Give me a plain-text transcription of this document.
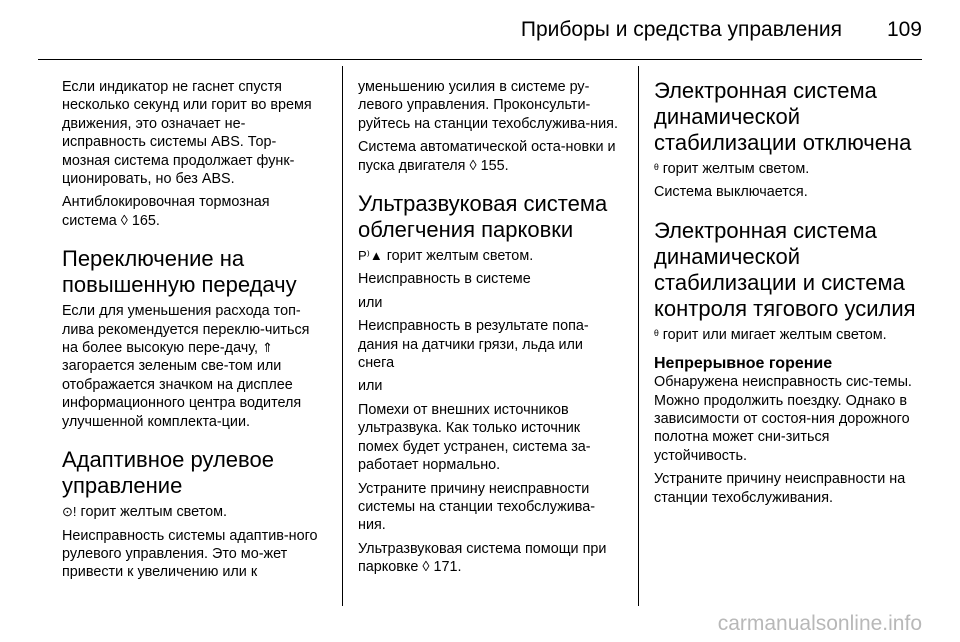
Приборы и средства управления 109

Если индикатор не гаснет спустя несколько секунд или горит во время движения, это означает не-исправность системы ABS. Тор-мозная система продолжает функ-ционировать, но без ABS.

Антиблокировочная тормозная система ◊ 165.

Переключение на повышенную передачу

Если для уменьшения расхода топ-лива рекомендуется переклю-читься на более высокую пере-дачу, ⇑загорается зеленым све-том или отображается значком на дисплее информационного центра водителя улучшенной комплекта-ции.

Адаптивное рулевое управление

⊙! горит желтым светом.

Неисправность системы адаптив-ного рулевого управления. Это мо-жет привести к увеличению или к

уменьшению усилия в системе ру-левого управления. Проконсульти-руйтесь на станции техобслужива-ния.

Система автоматической оста-новки и пуска двигателя ◊ 155.

Ультразвуковая система облегчения парковки

P⁾▲ горит желтым светом.

Неисправность в системе

или

Неисправность в результате попа-дания на датчики грязи, льда или снега

или

Помехи от внешних источников ультразвука. Как только источник помех будет устранен, система за-работает нормально.

Устраните причину неисправности системы на станции техобслужива-ния.

Ультразвуковая система помощи при парковке ◊ 171.

Электронная система динамической стабилизации отключена

ᶿ горит желтым светом.

Система выключается.

Электронная система динамической стабилизации и система контроля тягового усилия

ᶿ горит или мигает желтым светом.

Непрерывное горение

Обнаружена неисправность сис-темы. Можно продолжить поездку. Однако в зависимости от состоя-ния дорожного полотна может сни-зиться устойчивость.

Устраните причину неисправности на станции техобслуживания.

carmanualsonline.info
